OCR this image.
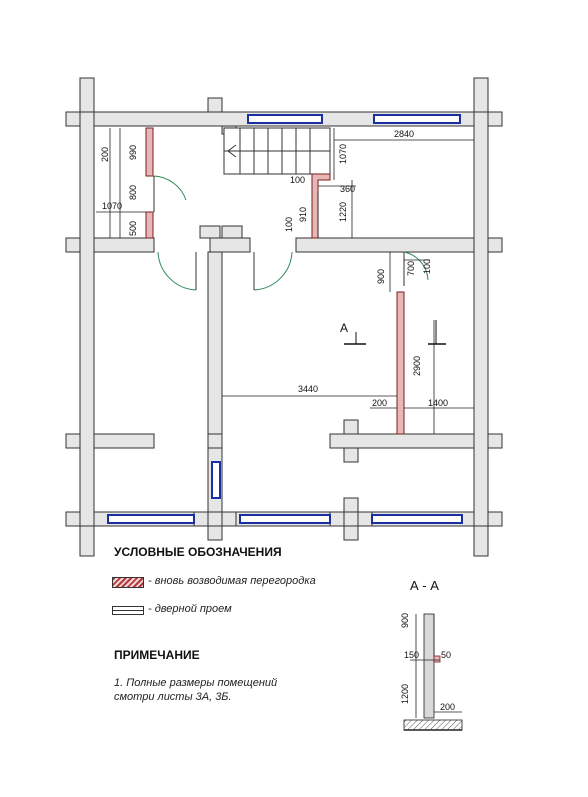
А
200 990
800
500
1070
1070
2840
100
360
910	1220
100
900
700 100
2900
3440
200	1400
УСЛОВНЫЕ ОБОЗНАЧЕНИЯ
- вновь возводимая перегородка
- дверной проем
ПРИМЕЧАНИЕ
1. Полные размеры помещений смотри листы 3А, 3Б.
А - А
900
150 50
1200
200
